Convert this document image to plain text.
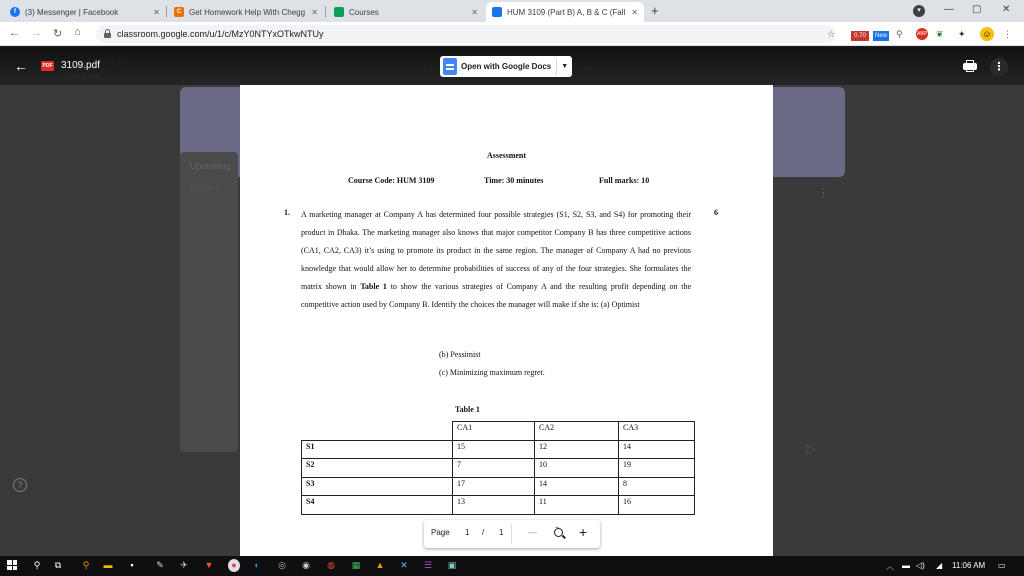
f	(3) Messenger | Facebook	✕	C Get Homework Help With Chegg ✕	Courses	✕	HUM 3109 (Part B) A, B & C (Fall ✕ +	▾	— ▢ ✕
← → ↻ ⌂	classroom.google.com/u/1/c/MzY0NTYxOTkwNTUy	☆	0.70	New ⚲	ABP ❦ ✦ ☺ ⋮
Upcoming
Woohoo, no
?
⋮
▷
←	PDF 3109.pdf	Open with Google Docs	▼	⋮
Assessment
Course Code: HUM 3109	Time: 30 minutes	Full marks: 10
1.	6
A marketing manager at Company A has determined four possible strategies (S1, S2, S3, and S4) for promoting their product in Dhaka. The marketing manager also knows that major competitor Company B has three competitive actions (CA1, CA2, CA3) it’s using to promote its product in the same region. The manager of Company A had no previous knowledge that would allow her to determine probabilities of success of any of the four strategies. She formulates the matrix shown in Table 1 to show the various strategies of Company A and the resulting profit depending on the competitive action used by Company B. Identify the choices the manager will make if she is: (a) Optimist
(b) Pessimist
(c) Minimizing maximum regret.
Table 1
	CA1	CA2	CA3
S1	15	12	14
S2	7	10	19
S3	17	14	8
S4	13	11	16
Page 1 / 1	— −	+
⚲	⧉	⚲	▬	▪	✎ ✈ ▼	●	◐	◎ ◉ ◍ ▦ ▲ ✕ ☰ ▣	︿ ▬ ◁) ◢ 11:06 AM ▭
